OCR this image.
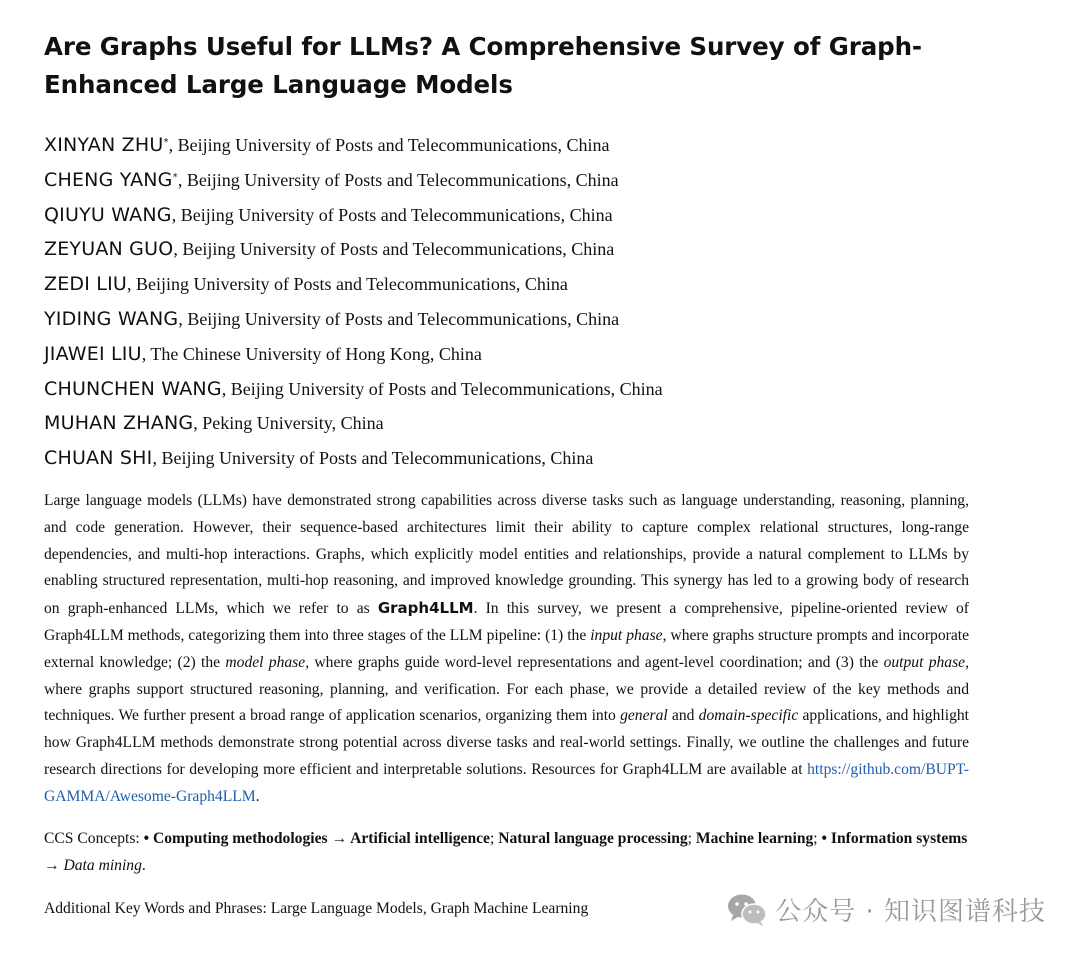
Are Graphs Useful for LLMs? A Comprehensive Survey of Graph-Enhanced Large Language Models
XINYAN ZHU*, Beijing University of Posts and Telecommunications, China
CHENG YANG*, Beijing University of Posts and Telecommunications, China
QIUYU WANG, Beijing University of Posts and Telecommunications, China
ZEYUAN GUO, Beijing University of Posts and Telecommunications, China
ZEDI LIU, Beijing University of Posts and Telecommunications, China
YIDING WANG, Beijing University of Posts and Telecommunications, China
JIAWEI LIU, The Chinese University of Hong Kong, China
CHUNCHEN WANG, Beijing University of Posts and Telecommunications, China
MUHAN ZHANG, Peking University, China
CHUAN SHI, Beijing University of Posts and Telecommunications, China

Large language models (LLMs) have demonstrated strong capabilities across diverse tasks such as language understanding, reasoning, planning, and code generation. However, their sequence-based architectures limit their ability to capture complex relational structures, long-range dependencies, and multi-hop interactions. Graphs, which explicitly model entities and relationships, provide a natural complement to LLMs by enabling structured representation, multi-hop reasoning, and improved knowledge grounding. This synergy has led to a growing body of research on graph-enhanced LLMs, which we refer to as Graph4LLM. In this survey, we present a comprehensive, pipeline-oriented review of Graph4LLM methods, categorizing them into three stages of the LLM pipeline: (1) the input phase, where graphs structure prompts and incorporate external knowledge; (2) the model phase, where graphs guide word-level representations and agent-level coordination; and (3) the output phase, where graphs support structured reasoning, planning, and verification. For each phase, we provide a detailed review of the key methods and techniques. We further present a broad range of application scenarios, organizing them into general and domain-specific applications, and highlight how Graph4LLM methods demonstrate strong potential across diverse tasks and real-world settings. Finally, we outline the challenges and future research directions for developing more efficient and interpretable solutions. Resources for Graph4LLM are available at https://github.com/BUPT-GAMMA/Awesome-Graph4LLM.

CCS Concepts: • Computing methodologies → Artificial intelligence; Natural language processing; Machine learning; • Information systems → Data mining.

Additional Key Words and Phrases: Large Language Models, Graph Machine Learning	公众号 · 知识图谱科技
